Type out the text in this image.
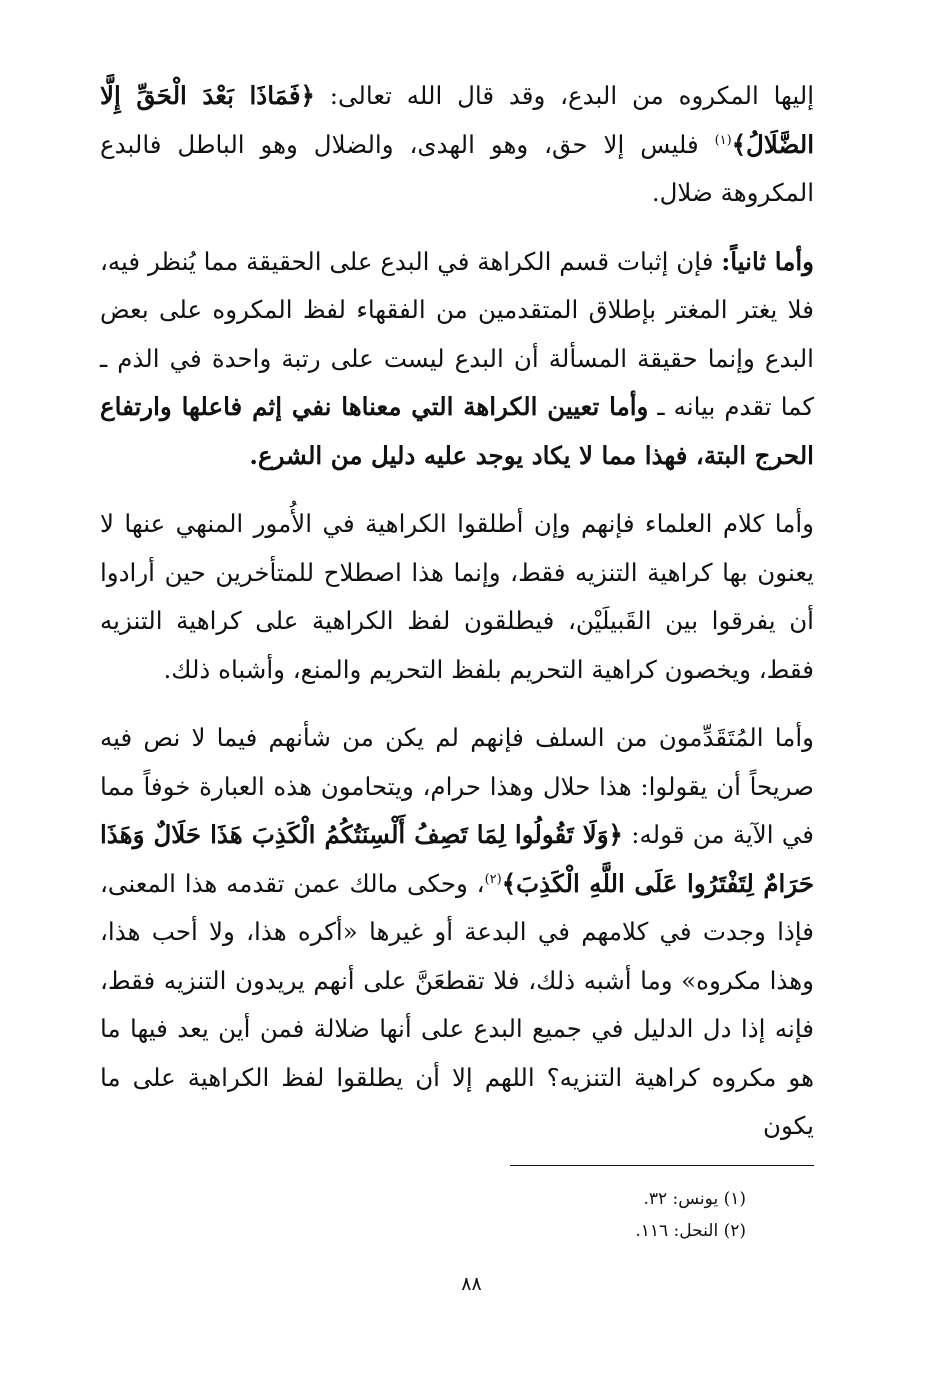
إليها المكروه من البدع، وقد قال الله تعالى: ﴿فَمَاذَا بَعْدَ الْحَقِّ إِلَّا الضَّلَالُ﴾$^{(١)}$ فليس إلا حق، وهو الهدى، والضلال وهو الباطل فالبدع المكروهة ضلال.

وأما ثانياً: فإن إثبات قسم الكراهة في البدع على الحقيقة مما يُنظر فيه، فلا يغتر المغتر بإطلاق المتقدمين من الفقهاء لفظ المكروه على بعض البدع وإنما حقيقة المسألة أن البدع ليست على رتبة واحدة في الذم ـ كما تقدم بيانه ـ وأما تعيين الكراهة التي معناها نفي إثم فاعلها وارتفاع الحرج البتة، فهذا مما لا يكاد يوجد عليه دليل من الشرع.

وأما كلام العلماء فإنهم وإن أطلقوا الكراهية في الأُمور المنهي عنها لا يعنون بها كراهية التنزيه فقط، وإنما هذا اصطلاح للمتأخرين حين أرادوا أن يفرقوا بين القَبيلَيْن، فيطلقون لفظ الكراهية على كراهية التنزيه فقط، ويخصون كراهية التحريم بلفظ التحريم والمنع، وأشباه ذلك.

وأما المُتَقَدِّمون من السلف فإنهم لم يكن من شأنهم فيما لا نص فيه صريحاً أن يقولوا: هذا حلال وهذا حرام، ويتحامون هذه العبارة خوفاً مما في الآية من قوله: ﴿وَلَا تَقُولُوا لِمَا تَصِفُ أَلْسِنَتُكُمُ الْكَذِبَ هَذَا حَلَالٌ وَهَذَا حَرَامٌ لِتَفْتَرُوا عَلَى اللَّهِ الْكَذِبَ﴾$^{(٢)}$، وحكى مالك عمن تقدمه هذا المعنى، فإذا وجدت في كلامهم في البدعة أو غيرها «أكره هذا، ولا أحب هذا، وهذا مكروه» وما أشبه ذلك، فلا تقطعَنَّ على أنهم يريدون التنزيه فقط، فإنه إذا دل الدليل في جميع البدع على أنها ضلالة فمن أين يعد فيها ما هو مكروه كراهية التنزيه؟ اللهم إلا أن يطلقوا لفظ الكراهية على ما يكون

(١) يونس: ٣٢.

(٢) النحل: ١١٦.

٨٨
